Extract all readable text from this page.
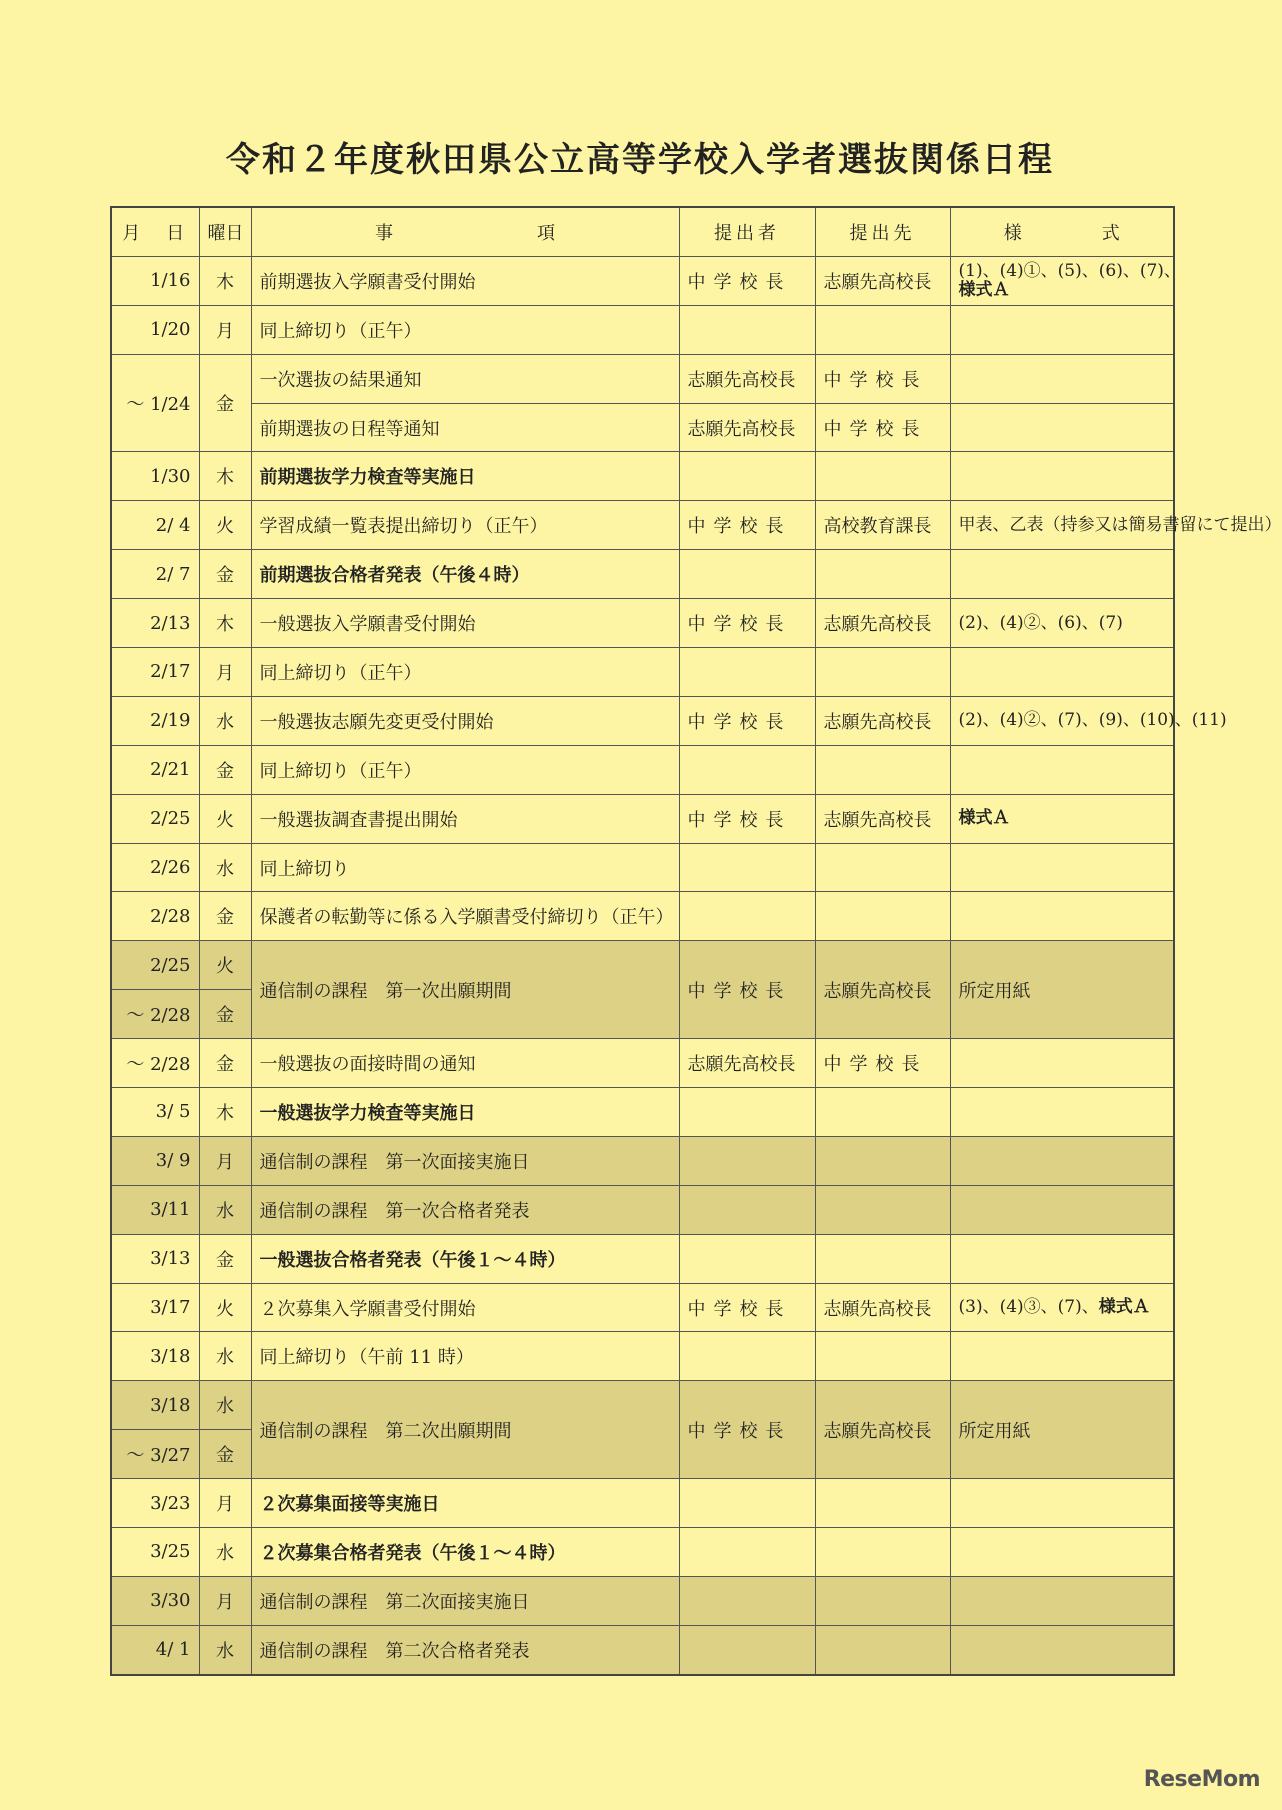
令和２年度秋田県公立高等学校入学者選抜関係日程
月　日	曜日	事 項	提出者	提出先	様 式
1/16	木	前期選抜入学願書受付開始	中学校長	志願先高校長	(1)、(4)①、(5)、(6)、(7)、
様式Ａ
1/20	月	同上締切り（正午）			
〜 1/24	金	一次選抜の結果通知	志願先高校長	中学校長	
		前期選抜の日程等通知	志願先高校長	中学校長	
1/30	木	前期選抜学力検査等実施日			
2/ 4	火	学習成績一覧表提出締切り（正午）	中学校長	高校教育課長	甲表、乙表（持参又は簡易書留にて提出）
2/ 7	金	前期選抜合格者発表（午後４時）			
2/13	木	一般選抜入学願書受付開始	中学校長	志願先高校長	(2)、(4)②、(6)、(7)
2/17	月	同上締切り（正午）			
2/19	水	一般選抜志願先変更受付開始	中学校長	志願先高校長	(2)、(4)②、(7)、(9)、(10)、(11)
2/21	金	同上締切り（正午）			
2/25	火	一般選抜調査書提出開始	中学校長	志願先高校長	様式Ａ
2/26	水	同上締切り			
2/28	金	保護者の転勤等に係る入学願書受付締切り（正午）			
2/25	火	通信制の課程　第一次出願期間	中学校長	志願先高校長	所定用紙
〜 2/28	金				
〜 2/28	金	一般選抜の面接時間の通知	志願先高校長	中学校長	
3/ 5	木	一般選抜学力検査等実施日			
3/ 9	月	通信制の課程　第一次面接実施日			
3/11	水	通信制の課程　第一次合格者発表			
3/13	金	一般選抜合格者発表（午後１〜４時）			
3/17	火	２次募集入学願書受付開始	中学校長	志願先高校長	(3)、(4)③、(7)、様式Ａ
3/18	水	同上締切り（午前 11 時）			
3/18	水	通信制の課程　第二次出願期間	中学校長	志願先高校長	所定用紙
〜 3/27	金				
3/23	月	２次募集面接等実施日			
3/25	水	２次募集合格者発表（午後１〜４時）			
3/30	月	通信制の課程　第二次面接実施日			
4/ 1	水	通信制の課程　第二次合格者発表			
ReseMom
